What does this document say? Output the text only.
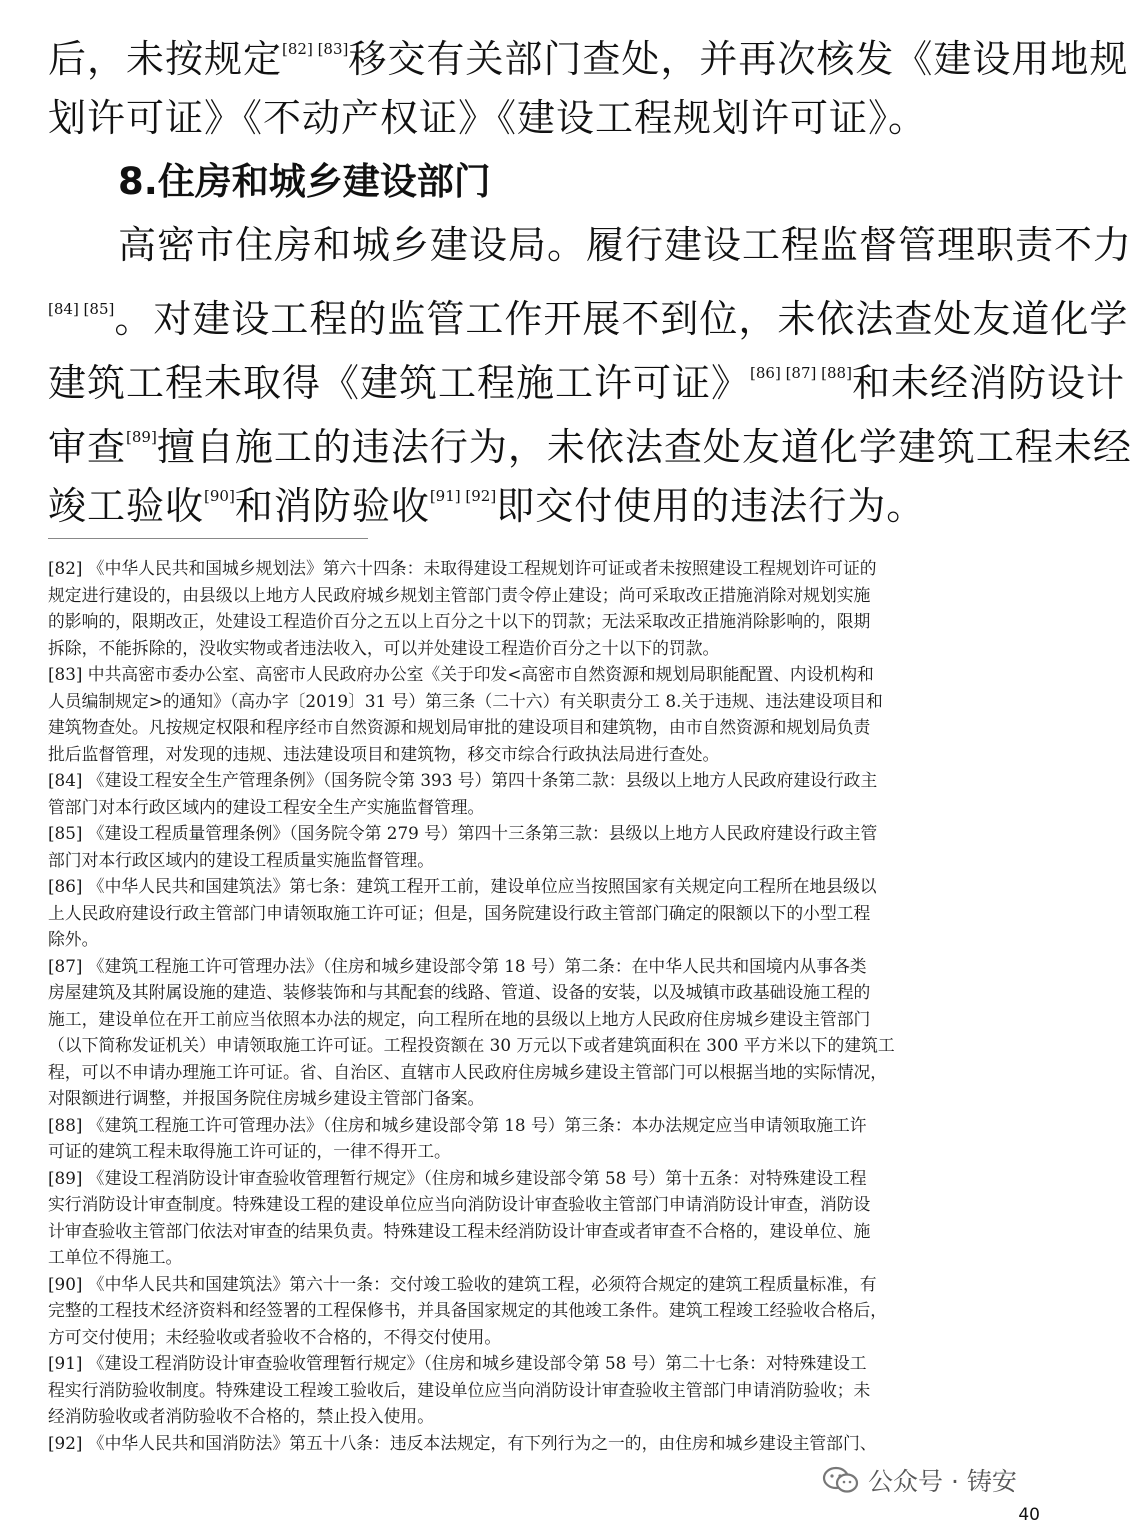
后，未按规定[82] [83]移交有关部门查处，并再次核发《建设用地规
划许可证》《不动产权证》《建设工程规划许可证》。
8.住房和城乡建设部门
高密市住房和城乡建设局。履行建设工程监督管理职责不力
[84] [85]。对建设工程的监管工作开展不到位，未依法查处友道化学
建筑工程未取得《建筑工程施工许可证》[86] [87] [88]和未经消防设计
审查[89]擅自施工的违法行为，未依法查处友道化学建筑工程未经
竣工验收[90]和消防验收[91] [92]即交付使用的违法行为。
[82] 《中华人民共和国城乡规划法》第六十四条：未取得建设工程规划许可证或者未按照建设工程规划许可证的
规定进行建设的，由县级以上地方人民政府城乡规划主管部门责令停止建设；尚可采取改正措施消除对规划实施
的影响的，限期改正，处建设工程造价百分之五以上百分之十以下的罚款；无法采取改正措施消除影响的，限期
拆除，不能拆除的，没收实物或者违法收入，可以并处建设工程造价百分之十以下的罚款。
[83] 中共高密市委办公室、高密市人民政府办公室《关于印发<高密市自然资源和规划局职能配置、内设机构和
人员编制规定>的通知》（高办字〔2019〕31 号）第三条（二十六）有关职责分工 8.关于违规、违法建设项目和
建筑物查处。凡按规定权限和程序经市自然资源和规划局审批的建设项目和建筑物，由市自然资源和规划局负责
批后监督管理，对发现的违规、违法建设项目和建筑物，移交市综合行政执法局进行查处。
[84] 《建设工程安全生产管理条例》（国务院令第 393 号）第四十条第二款：县级以上地方人民政府建设行政主
管部门对本行政区域内的建设工程安全生产实施监督管理。
[85] 《建设工程质量管理条例》（国务院令第 279 号）第四十三条第三款：县级以上地方人民政府建设行政主管
部门对本行政区域内的建设工程质量实施监督管理。
[86] 《中华人民共和国建筑法》第七条：建筑工程开工前，建设单位应当按照国家有关规定向工程所在地县级以
上人民政府建设行政主管部门申请领取施工许可证；但是，国务院建设行政主管部门确定的限额以下的小型工程
除外。
[87] 《建筑工程施工许可管理办法》（住房和城乡建设部令第 18 号）第二条：在中华人民共和国境内从事各类
房屋建筑及其附属设施的建造、装修装饰和与其配套的线路、管道、设备的安装，以及城镇市政基础设施工程的
施工，建设单位在开工前应当依照本办法的规定，向工程所在地的县级以上地方人民政府住房城乡建设主管部门
（以下简称发证机关）申请领取施工许可证。工程投资额在 30 万元以下或者建筑面积在 300 平方米以下的建筑工
程，可以不申请办理施工许可证。省、自治区、直辖市人民政府住房城乡建设主管部门可以根据当地的实际情况，
对限额进行调整，并报国务院住房城乡建设主管部门备案。
[88] 《建筑工程施工许可管理办法》（住房和城乡建设部令第 18 号）第三条：本办法规定应当申请领取施工许
可证的建筑工程未取得施工许可证的，一律不得开工。
[89] 《建设工程消防设计审查验收管理暂行规定》（住房和城乡建设部令第 58 号）第十五条：对特殊建设工程
实行消防设计审查制度。特殊建设工程的建设单位应当向消防设计审查验收主管部门申请消防设计审查，消防设
计审查验收主管部门依法对审查的结果负责。特殊建设工程未经消防设计审查或者审查不合格的，建设单位、施
工单位不得施工。
[90] 《中华人民共和国建筑法》第六十一条：交付竣工验收的建筑工程，必须符合规定的建筑工程质量标准，有
完整的工程技术经济资料和经签署的工程保修书，并具备国家规定的其他竣工条件。建筑工程竣工经验收合格后，
方可交付使用；未经验收或者验收不合格的，不得交付使用。
[91] 《建设工程消防设计审查验收管理暂行规定》（住房和城乡建设部令第 58 号）第二十七条：对特殊建设工
程实行消防验收制度。特殊建设工程竣工验收后，建设单位应当向消防设计审查验收主管部门申请消防验收；未
经消防验收或者消防验收不合格的，禁止投入使用。
[92] 《中华人民共和国消防法》第五十八条：违反本法规定，有下列行为之一的，由住房和城乡建设主管部门、
公众号 · 铸安
40
